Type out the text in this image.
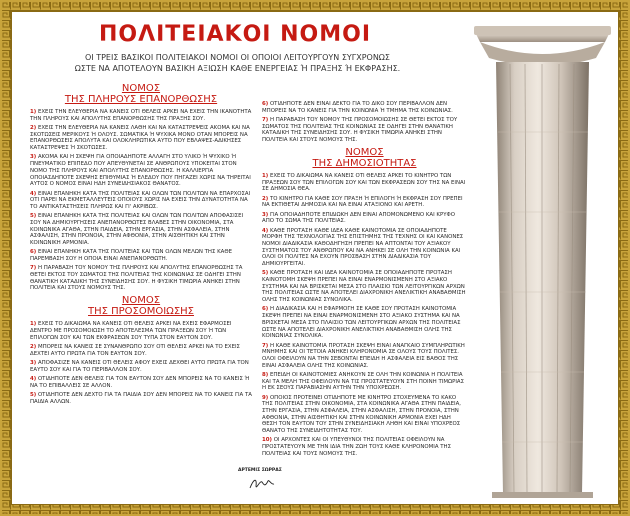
ΠΟΛΙΤΕΙΑΚΟΙ ΝΟΜΟΙ
ΟΙ ΤΡΕΙΣ ΒΑΣΙΚΟΙ ΠΟΛΙΤΕΙΑΚΟΙ ΝΟΜΟΙ ΟΙ ΟΠΟΙΟΙ ΛΕΙΤΟΥΡΓΟΥΝ ΣΥΓΧΡΟΝΩΣ
ΩΣΤΕ ΝΑ ΑΠΟΤΕΛΟΥΝ ΒΑΣΙΚΗ ΑΞΙΩΣΗ ΚΑΘΕ ΕΝΕΡΓΕΙΑΣ Ή ΠΡΑΞΗΣ Ή ΕΚΦΡΑΣΗΣ.
ΝΟΜΟΣ
ΤΗΣ ΠΛΗΡΟΥΣ ΕΠΑΝΟΡΘΩΣΗΣ

1) ΕΧΕΙΣ ΤΗΝ ΕΛΕΥΘΕΡΙΑ ΝΑ ΚΑΝΕΙΣ ΟΤΙ ΘΕΛΕΙΣ ΑΡΚΕΙ ΝΑ ΕΧΕΙΣ ΤΗΝ ΙΚΑΝΟΤΗΤΑ ΤΗΝ ΠΛΗΡΟΥΣ ΚΑΙ ΑΠΟΛΥΤΗΣ ΕΠΑΝΟΡΘΩΣΗΣ ΤΗΣ ΠΡΑΞΗΣ ΣΟΥ.

2) ΕΧΕΙΣ ΤΗΝ ΕΛΕΥΘΕΡΙΑ ΝΑ ΚΑΝΕΙΣ ΛΑΘΗ ΚΑΙ ΝΑ ΚΑΤΑΣΤΡΕΨΕΙΣ ΑΚΟΜΑ ΚΑΙ ΝΑ ΣΚΟΤΩΣΕΙΣ ΜΕΡΙΚΟΥΣ Ή ΟΛΟΥΣ. ΣΩΜΑΤΙΚΑ Ή ΨΥΧΙΚΑ ΜΟΝΟ ΟΤΑΝ ΜΠΟΡΕΙΣ ΝΑ ΕΠΑΝΟΡΘΩΣΕΙΣ ΑΠΟΛΥΤΑ ΚΑΙ ΟΛΟΚΛΗΡΩΤΙΚΑ ΑΥΤΟ ΠΟΥ ΕΒΛΑΨΕΣ-ΑΔΙΚΗΣΕΣ ΚΑΤΑΣΤΡΕΨΕΣ Ή ΣΚΟΤΩΣΕΣ.

3) ΑΚΟΜΑ ΚΑΙ Η ΣΚΕΨΗ ΓΙΑ ΟΠΟΙΑΔΗΠΟΤΕ ΑΛΛΑΓΗ ΣΤΟ ΥΛΙΚΟ Ή ΨΥΧΙΚΟ Ή ΠΝΕΥΜΑΤΙΚΟ ΕΠΙΠΕΔΟ ΠΟΥ ΑΠΕΥΘΥΝΕΤΑΙ ΣΕ ΑΝΘΡΩΠΟΥΣ ΥΠΟΚΕΙΤΑΙ ΣΤΟΝ ΝΟΜΟ ΤΗΣ ΠΛΗΡΟΥΣ ΚΑΙ ΑΠΟΛΥΤΗΣ ΕΠΑΝΟΡΘΩΣΗΣ. Η ΚΑΛΛΙΕΡΓΙΑ ΟΠΟΙΑΣΔΗΠΟΤΕ ΣΚΕΨΗΣ ΕΠΙΘΥΜΙΑΣ Ή ΕΛΕΔΟΥ ΠΟΥ ΠΗΓΑΖΕΙ ΧΩΡΙΣ ΝΑ ΤΗΡΕΙΤΑΙ ΑΥΤΟΣ Ο ΝΟΜΟΣ ΕΙΝΑΙ ΗΔΗ ΣΥΝΕΙΔΗΣΙΑΚΟΣ ΘΑΝΑΤΟΣ.

4) ΕΙΝΑΙ ΕΠΑΝΗΚΗ ΚΑΤΑ ΤΗΣ ΠΟΛΙΤΕΙΑΣ ΚΑΙ ΟΛΩΝ ΤΩΝ ΠΟΛΙΤΩΝ ΝΑ ΕΠΑΡΧΟΣΑΙ ΟΤΙ ΠΑΡΕΙ ΝΑ ΕΚΜΕΤΑΛΛΕΥΤΕΙΣ ΟΠΟΙΟΥΣ ΧΩΡΙΣ ΝΑ ΕΧΕΙΣ ΤΗΝ ΔΥΝΑΤΟΤΗΤΑ ΝΑ ΤΟ ΑΝΤΙΚΑΤΑΣΤΗΣΕΙΣ ΠΛΗΡΩΣ ΚΑΙ ΓΙ' ΑΚΡΙΒΩΣ.

5) ΕΙΝΑΙ ΕΠΑΝΗΚΗ ΚΑΤΑ ΤΗΣ ΠΟΛΙΤΕΙΑΣ ΚΑΙ ΟΛΩΝ ΤΩΝ ΠΟΛΙΤΩΝ ΑΠΟΦΑΣΙΣΕΙ ΣΟΥ ΝΑ ΔΗΜΙΟΥΡΓΗΣΕΙΣ ΑΝΕΠΑΝΟΡΘΩΤΕΣ ΒΛΑΒΕΣ ΣΤΗΝ ΟΙΚΟΝΟΜΙΑ, ΣΤΑ ΚΟΙΝΩΝΙΚΑ ΑΓΑΘΑ, ΣΤΗΝ ΠΑΙΔΕΙΑ, ΣΤΗΝ ΕΡΓΑΣΙΑ, ΣΤΗΝ ΑΣΦΑΛΕΙΑ, ΣΤΗΝ ΑΣΦΑΛΙΣΗ, ΣΤΗΝ ΠΡΟΝΟΙΑ, ΣΤΗΝ ΑΦΘΟΝΙΑ, ΣΤΗΝ ΑΙΣΘΗΤΙΚΗ ΚΑΙ ΣΤΗΝ ΚΟΙΝΩΝΙΚΗ ΑΡΜΟΝΙΑ.

6) ΕΙΝΑΙ ΕΠΑΝΗΚΗ ΚΑΤΑ ΤΗΣ ΠΟΛΙΤΕΙΑΣ ΚΑΙ ΤΩΝ ΟΛΩΝ ΜΕΛΩΝ ΤΗΣ ΚΑΘΕ ΠΑΡΕΜΒΑΣΗ ΣΟΥ Η ΟΠΟΙΑ ΕΙΝΑΙ ΑΝΕΠΑΝΟΡΘΩΤΗ.

7) Η ΠΑΡΑΒΑΣΗ ΤΟΥ ΝΟΜΟΥ ΤΗΣ ΠΛΗΡΟΥΣ ΚΑΙ ΑΠΟΛΥΤΗΣ ΕΠΑΝΟΡΘΩΣΗΣ ΤΑ ΘΕΤΕΙ ΕΚΤΟΣ ΤΟΥ ΣΩΜΑΤΟΣ ΤΗΣ ΠΟΛΙΤΕΙΑΣ ΤΗΣ ΚΟΙΝΩΝΙΑΣ ΣΕ ΟΔΗΓΕΙ ΣΤΗΝ ΘΑΝΑΤΙΚΗ ΚΑΤΑΔΙΚΗ ΤΗΣ ΣΥΝΕΙΔΗΣΗΣ ΣΟΥ. Η ΦΥΣΙΚΗ ΤΙΜΩΡΙΑ ΑΝΗΚΕΙ ΣΤΗΝ ΠΟΛΙΤΕΙΑ ΚΑΙ ΣΤΟΥΣ ΝΟΜΟΥΣ ΤΗΣ.

ΝΟΜΟΣ
ΤΗΣ ΠΡΟΣΟΜΟΙΩΣΗΣ

1) ΕΧΕΙΣ ΤΟ ΔΙΚΑΙΩΜΑ ΝΑ ΚΑΝΕΙΣ ΟΤΙ ΘΕΛΕΙΣ ΑΡΚΕΙ ΝΑ ΕΧΕΙΣ ΕΦΑΡΜΟΣΕΙ ΔΕΝΤΡΟ ΜΕ ΠΡΟΣΟΜΟΙΩΣΗ ΤΟ ΑΠΟΤΕΛΕΣΜΑ ΤΩΝ ΠΡΑΞΕΩΝ ΣΟΥ Ή ΤΩΝ ΕΠΙΛΟΓΩΝ ΣΟΥ ΚΑΙ ΤΩΝ ΕΚΦΡΑΣΕΩΝ ΣΟΥ ΤΥΠΑ ΣΤΟΝ ΕΑΥΤΟΝ ΣΟΥ.

2) ΜΠΟΡΕΙΣ ΝΑ ΚΑΝΕΙΣ ΣΕ ΣΥΝΑΝΘΡΩΠΟ ΣΟΥ ΟΤΙ ΘΕΛΕΙΣ ΑΡΚΕΙ ΝΑ ΤΟ ΕΧΕΙΣ ΔΕΧΤΕΙ ΑΥΤΟ ΠΡΩΤΑ ΓΙΑ ΤΟΝ ΕΑΥΤΟΝ ΣΟΥ.

3) ΑΠΟΦΑΣΙΖΕ ΝΑ ΚΑΝΕΙΣ ΟΤΙ ΘΕΛΕΙΣ ΑΦΟΥ ΕΧΕΙΣ ΔΕΧΘΕΙ ΑΥΤΟ ΠΡΩΤΑ ΓΙΑ ΤΟΝ ΕΑΥΤΟ ΣΟΥ ΚΑΙ ΓΙΑ ΤΟ ΠΕΡΙΒΑΛΛΟΝ ΣΟΥ.

4) ΟΤΙΔΗΠΟΤΕ ΔΕΝ ΘΕΛΕΙΣ ΓΙΑ ΤΟΝ ΕΑΥΤΟΝ ΣΟΥ ΔΕΝ ΜΠΟΡΕΙΣ ΝΑ ΤΟ ΚΑΝΕΙΣ Ή ΝΑ ΤΟ ΕΠΙΒΑΛΛΕΙΣ ΣΕ ΑΛΛΟΝ.

5) ΟΤΙΔΗΠΟΤΕ ΔΕΝ ΔΕΧΤΟ ΓΙΑ ΤΑ ΠΑΙΔΙΑ ΣΟΥ ΔΕΝ ΜΠΟΡΕΙΣ ΝΑ ΤΟ ΚΑΝΕΙΣ ΓΙΑ ΤΑ ΠΑΙΔΙΑ ΑΛΛΩΝ.

6) ΟΤΙΔΗΠΟΤΕ ΔΕΝ ΕΙΝΑΙ ΔΕΚΤΟ ΓΙΑ ΤΟ ΔΙΚΟ ΣΟΥ ΠΕΡΙΒΑΛΛΟΝ ΔΕΝ ΜΠΟΡΕΙΣ ΝΑ ΤΟ ΚΑΝΕΙΣ ΓΙΑ ΤΗΝ ΚΟΙΝΩΝΙΑ Ή ΤΜΗΜΑ ΤΗΣ ΚΟΙΝΩΝΙΑΣ.

7) Η ΠΑΡΑΒΑΣΗ ΤΟΥ ΝΟΜΟΥ ΤΗΣ ΠΡΟΣΟΜΟΙΩΣΗΣ ΣΕ ΘΕΤΕΙ ΕΚΤΟΣ ΤΟΥ ΣΩΜΑΤΟΣ ΤΗΣ ΠΟΛΙΤΕΙΑΣ ΤΗΣ ΚΟΙΝΩΝΙΑΣ ΣΕ ΟΔΗΓΕΙ ΣΤΗΝ ΘΑΝΑΤΙΚΗ ΚΑΤΑΔΙΚΗ ΤΗΣ ΣΥΝΕΙΔΗΣΗΣ ΣΟΥ. Η ΦΥΣΙΚΗ ΤΙΜΩΡΙΑ ΑΝΗΚΕΙ ΣΤΗΝ ΠΟΛΙΤΕΙΑ ΚΑΙ ΣΤΟΥΣ ΝΟΜΟΥΣ ΤΗΣ.

ΝΟΜΟΣ
ΤΗΣ ΔΗΜΟΣΙΟΤΗΤΑΣ

1) ΕΧΕΙΣ ΤΟ ΔΙΚΑΙΩΜΑ ΝΑ ΚΑΝΕΙΣ ΟΤΙ ΘΕΛΕΙΣ ΑΡΚΕΙ ΤΟ ΚΙΝΗΤΡΟ ΤΩΝ ΠΡΑΞΕΩΝ ΣΟΥ ΤΩΝ ΕΠΙΛΟΓΩΝ ΣΟΥ ΚΑΙ ΤΩΝ ΕΚΦΡΑΣΕΩΝ ΣΟΥ ΤΗΣ ΝΑ ΕΙΝΑΙ ΣΕ ΔΗΜΟΣΙΑ ΘΕΑ.

2) ΤΟ ΚΙΝΗΤΡΟ ΓΙΑ ΚΑΘΕ ΣΟΥ ΠΡΑΞΗ Ή ΕΠΙΛΟΓΗ Ή ΕΚΦΡΑΣΗ ΣΟΥ ΠΡΕΠΕΙ ΝΑ ΕΚΤΙΘΕΤΑΙ ΔΗΜΟΣΙΑ ΚΑΙ ΝΑ ΕΙΝΑΙ ΑΤΑΞΙΟΝΟ ΚΑΙ ΑΡΕΤΗ.

3) ΓΙΑ ΟΠΟΙΑΔΗΠΟΤΕ ΕΠΙΔΙΩΚΗ ΔΕΝ ΕΙΝΑΙ ΑΠΟΜΟΝΩΜΕΝΟ ΚΑΙ ΚΡΥΦΟ ΑΠΟ ΤΟ ΣΩΜΑ ΤΗΣ ΠΟΛΙΤΕΙΑΣ.

4) ΚΑΘΕ ΠΡΟΤΑΣΗ ΚΑΘΕ ΙΔΕΑ ΚΑΘΕ ΚΑΙΝΟΤΟΜΙΑ ΣΕ ΟΠΟΙΑΔΗΠΟΤΕ ΜΟΡΦΗ ΤΗΣ ΤΕΧΝΟΛΟΓΙΑΣ ΤΗΣ ΕΠΙΣΤΗΜΗΣ ΤΗΣ ΤΕΧΝΗΣ ΟΙ ΚΑΙ ΚΑΝΟΝΕΣ ΝΟΜΟΙ ΔΙΑΔΙΚΑΣΙΑ ΚΑΘΟΔΗΓΗΣΗ ΠΡΕΠΕΙ ΝΑ ΑΠΤΟΝΤΑΙ ΤΟΥ ΑΞΙΑΚΟΥ ΣΥΣΤΗΜΑΤΟΣ ΤΟΥ ΑΝΘΡΩΠΟΥ ΚΑΙ ΝΑ ΑΝΗΚΕΙ ΣΕ ΟΛΗ ΤΗΝ ΚΟΙΝΩΝΙΑ ΚΑΙ ΟΛΟΙ ΟΙ ΠΟΛΙΤΕΣ ΝΑ ΕΧΟΥΝ ΠΡΟΣΒΑΣΗ ΣΤΗΝ ΔΙΑΔΙΚΑΣΙΑ ΤΟΥ ΔΗΜΙΟΥΡΓΕΙΤΑΙ.

5) ΚΑΘΕ ΠΡΟΤΑΣΗ ΚΑΙ ΙΔΕΑ ΚΑΙΝΟΤΟΜΙΑ ΣΕ ΟΠΟΙΑΔΗΠΟΤΕ ΠΡΟΤΑΣΗ ΚΑΙΝΟΤΟΜΗ ΣΚΕΨΗ ΠΡΕΠΕΙ ΝΑ ΕΙΝΑΙ ΕΝΑΡΜΟΝΙΣΜΕΝΗ ΣΤΟ ΑΞΙΑΚΟ ΣΥΣΤΗΜΑ ΚΑΙ ΝΑ ΒΡΙΣΚΕΤΑΙ ΜΕΣΑ ΣΤΟ ΠΛΑΙΣΙΟ ΤΩΝ ΛΕΙΤΟΥΡΓΙΚΩΝ ΑΡΧΩΝ ΤΗΣ ΠΟΛΙΤΕΙΑΣ ΩΣΤΕ ΝΑ ΑΠΟΤΕΛΕΙ ΔΙΑΧΡΟΝΙΚΗ ΑΝΕΛΙΚΤΙΚΗ ΑΝΑΒΑΘΜΙΣΗ ΟΛΗΣ ΤΗΣ ΚΟΙΝΩΝΙΑΣ ΣΥΝΟΛΙΚΑ.

6) Η ΔΙΑΔΙΚΑΣΙΑ ΚΑΙ Η ΕΦΑΡΜΟΓΗ ΣΕ ΚΑΘΕ ΣΟΥ ΠΡΟΤΑΣΗ ΚΑΙΝΟΤΟΜΙΑ ΣΚΕΨΗ ΠΡΕΠΕΙ ΝΑ ΕΙΝΑΙ ΕΝΑΡΜΟΝΙΣΜΕΝΗ ΣΤΟ ΑΞΙΑΚΟ ΣΥΣΤΗΜΑ ΚΑΙ ΝΑ ΒΡΙΣΚΕΤΑΙ ΜΕΣΑ ΣΤΟ ΠΛΑΙΣΙΟ ΤΩΝ ΛΕΙΤΟΥΡΓΙΚΩΝ ΑΡΧΩΝ ΤΗΣ ΠΟΛΙΤΕΙΑΣ ΩΣΤΕ ΝΑ ΑΠΟΤΕΛΕΙ ΔΙΑΧΡΟΝΙΚΗ ΑΝΕΛΙΚΤΙΚΗ ΑΝΑΒΑΘΜΙΣΗ ΟΛΗΣ ΤΗΣ ΚΟΙΝΩΝΙΑΣ ΣΥΝΟΛΙΚΑ.

7) Η ΚΑΘΕ ΚΑΙΝΟΤΟΜΙΑ ΠΡΟΤΑΣΗ ΣΚΕΨΗ ΕΙΝΑΙ ΑΝΑΓΚΑΙΟ ΣΥΜΠΛΗΡΩΤΙΚΗ ΜΝΗΜΗΣ ΚΑΙ ΟΙ ΤΕΤΟΙΑ ΑΝΗΚΕΙ ΚΛΗΡΟΝΟΜΙΑ ΣΕ ΟΛΟΥΣ ΤΟΥΣ ΠΟΛΙΤΕΣ. ΟΛΟΙ ΟΦΕΙΛΟΥΝ ΝΑ ΤΗΝ ΣΕΒΟΝΤΑΙ ΕΠΕΙΔΗ Η ΑΣΦΑΛΕΙΑ ΕΙΣ ΒΑΘΟΣ ΤΗΣ ΕΙΝΑΙ ΑΣΦΑΛΕΙΑ ΟΛΗΣ ΤΗΣ ΚΟΙΝΩΝΙΑΣ.

8) ΕΠΕΙΔΗ ΟΙ ΚΑΙΝΟΤΟΜΙΕΣ ΑΝΗΚΟΥΝ ΣΕ ΟΛΗ ΤΗΝ ΚΟΙΝΩΝΙΑ Η ΠΟΛΙΤΕΙΑ ΚΑΙ ΤΑ ΜΕΛΗ ΤΗΣ ΟΦΕΙΛΟΥΝ ΝΑ ΤΙΣ ΠΡΟΣΤΑΤΕΥΟΥΝ ΣΤΗ ΠΟΙΝΗ ΤΙΜΩΡΙΑΣ Η ΕΚ ΣΕΟΥΣ ΠΑΡΑΒΙΑΣΗΝ ΑΥΤΗΝ ΤΗΝ ΥΠΟΧΡΕΩΣΗ.

9) ΟΠΟΙΟΣ ΠΡΟΤΕΙΝΕΙ ΟΤΙΔΗΠΟΤΕ ΜΕ ΚΙΝΗΤΡΟ ΣΤΟΧΕΥΜΕΝΑ ΤΟ ΚΑΚΟ ΤΗΣ ΠΟΛΙΤΕΙΑΣ ΣΤΗΝ ΟΙΚΟΝΟΜΙΑ, ΣΤΑ ΚΟΙΝΩΝΙΚΑ ΑΓΑΘΑ ΣΤΗΝ ΠΑΙΔΕΙΑ, ΣΤΗΝ ΕΡΓΑΣΙΑ, ΣΤΗΝ ΑΣΦΑΛΕΙΑ, ΣΤΗΝ ΑΣΦΑΛΙΣΗ, ΣΤΗΝ ΠΡΟΝΟΙΑ, ΣΤΗΝ ΑΦΘΟΝΙΑ, ΣΤΗΝ ΑΙΣΘΗΤΙΚΗ ΚΑΙ ΣΤΗΝ ΚΟΙΝΩΝΙΚΗ ΑΡΜΟΝΙΑ ΕΧΕΙ ΗΔΗ ΘΕΣΗ ΤΟΝ ΕΑΥΤΟΝ ΤΟΥ ΣΤΗΝ ΣΥΝΕΙΔΗΣΙΑΚΗ ΛΗΘΗ ΚΑΙ ΕΙΝΑΙ ΥΠΟΧΡΕΟΣ ΘΑΝΑΤΟ ΤΗΣ ΣΥΝΕΙΔΗΤΟΤΗΤΑΣ ΤΟΥ.

10) ΟΙ ΑΡΧΟΝΤΕΣ ΚΑΙ ΟΙ ΥΠΕΥΘΥΝΟΙ ΤΗΣ ΠΟΛΙΤΕΙΑΣ ΟΦΕΙΛΟΥΝ ΝΑ ΠΡΟΣΤΑΤΕΥΟΥΝ ΜΕ ΤΗΝ ΙΔΙΑ ΤΗΝ ΖΩΗ ΤΟΥΣ ΚΑΘΕ ΚΛΗΡΟΝΟΜΙΑ ΤΗΣ ΠΟΛΙΤΕΙΑΣ ΚΑΙ ΤΟΥΣ ΝΟΜΟΥΣ ΤΗΣ.

ΑΡΤΕΜΙΣ ΣΩΡΡΑΣ
